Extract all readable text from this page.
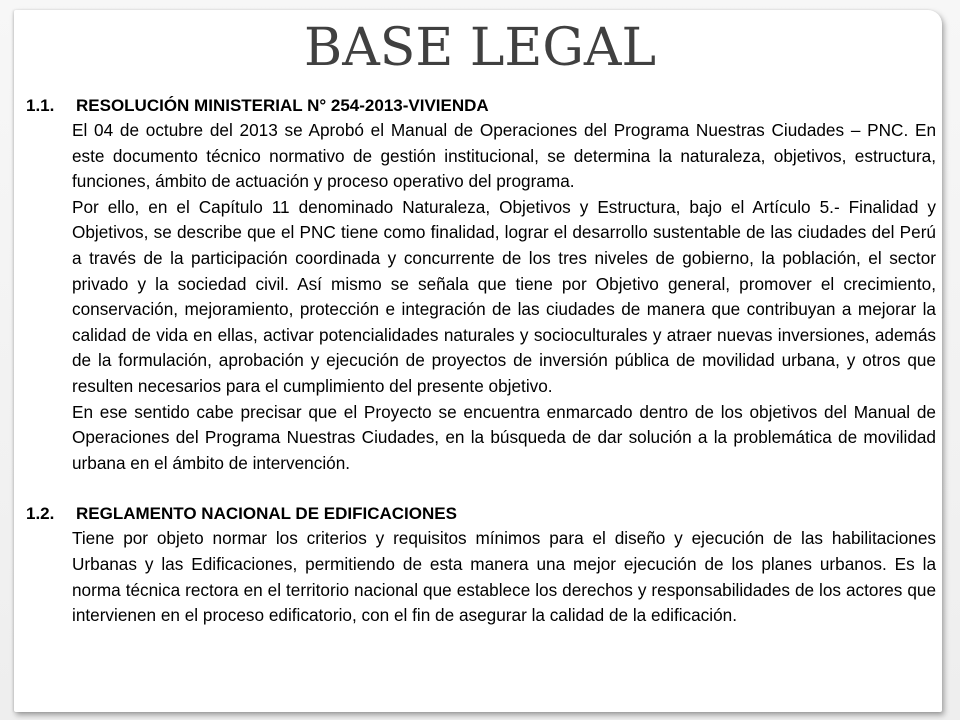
BASE LEGAL
1.1.	RESOLUCIÓN MINISTERIAL N° 254-2013-VIVIENDA

El 04 de octubre del 2013 se Aprobó el Manual de Operaciones del Programa Nuestras Ciudades – PNC. En este documento técnico normativo de gestión institucional, se determina la naturaleza, objetivos, estructura, funciones, ámbito de actuación y proceso operativo del programa.

Por ello, en el Capítulo 11 denominado Naturaleza, Objetivos y Estructura, bajo el Artículo 5.- Finalidad y Objetivos, se describe que el PNC tiene como finalidad, lograr el desarrollo sustentable de las ciudades del Perú a través de la participación coordinada y concurrente de los tres niveles de gobierno, la población, el sector privado y la sociedad civil. Así mismo se señala que tiene por Objetivo general, promover el crecimiento, conservación, mejoramiento, protección e integración de las ciudades de manera que contribuyan a mejorar la calidad de vida en ellas, activar potencialidades naturales y socioculturales y atraer nuevas inversiones, además de la formulación, aprobación y ejecución de proyectos de inversión pública de movilidad urbana, y otros que resulten necesarios para el cumplimiento del presente objetivo.

En ese sentido cabe precisar que el Proyecto se encuentra enmarcado dentro de los objetivos del Manual de Operaciones del Programa Nuestras Ciudades, en la búsqueda de dar solución a la problemática de movilidad urbana en el ámbito de intervención.

1.2.	REGLAMENTO NACIONAL DE EDIFICACIONES

Tiene por objeto normar los criterios y requisitos mínimos para el diseño y ejecución de las habilitaciones Urbanas y las Edificaciones, permitiendo de esta manera una mejor ejecución de los planes urbanos. Es la norma técnica rectora en el territorio nacional que establece los derechos y responsabilidades de los actores que intervienen en el proceso edificatorio, con el fin de asegurar la calidad de la edificación.
